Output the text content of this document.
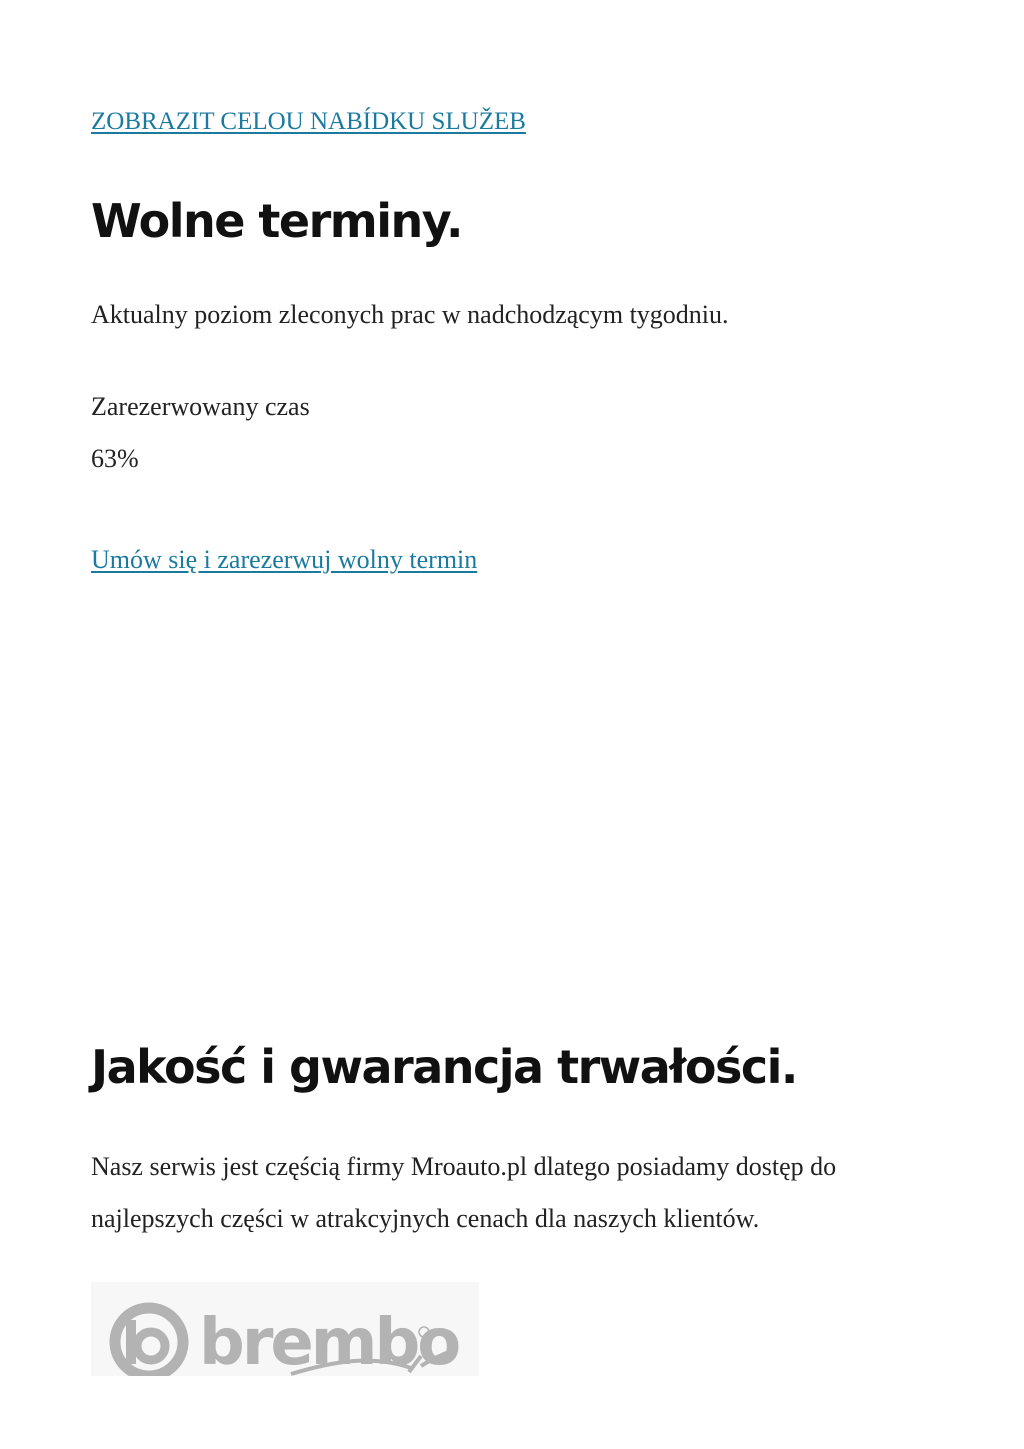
ZOBRAZIT CELOU NABÍDKU SLUŽEB
Wolne terminy.
Aktualny poziom zleconych prac w nadchodzącym tygodniu.
Zarezerwowany czas
63%
Umów się i zarezerwuj wolny termin
Jakość i gwarancja trwałości.

Nasz serwis jest częścią firmy Mroauto.pl dlatego posiadamy dostęp do
najlepszych części w atrakcyjnych cenach dla naszych klientów.

brembo
